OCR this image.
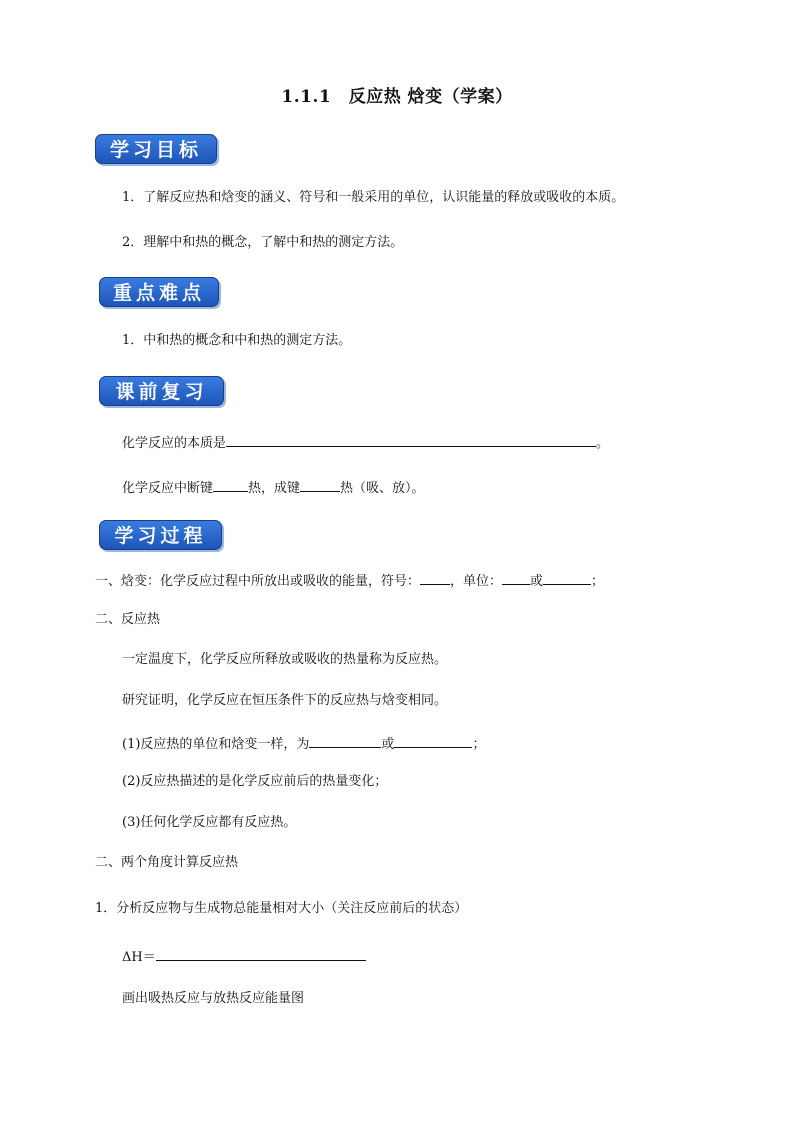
1.1.1　反应热 焓变（学案）
学习目标
1．了解反应热和焓变的涵义、符号和一般采用的单位，认识能量的释放或吸收的本质。
2．理解中和热的概念，了解中和热的测定方法。
重点难点
1．中和热的概念和中和热的测定方法。
课前复习
化学反应的本质是	。
化学反应中断键	热，成键	热（吸、放）。
学习过程
一、焓变：化学反应过程中所放出或吸收的能量，符号： ，单位： 或	；
二、反应热
一定温度下，化学反应所释放或吸收的热量称为反应热。
研究证明，化学反应在恒压条件下的反应热与焓变相同。
(1)反应热的单位和焓变一样，为	或	；
(2)反应热描述的是化学反应前后的热量变化；
(3)任何化学反应都有反应热。
二、两个角度计算反应热
1．分析反应物与生成物总能量相对大小（关注反应前后的状态）
ΔH＝
画出吸热反应与放热反应能量图
